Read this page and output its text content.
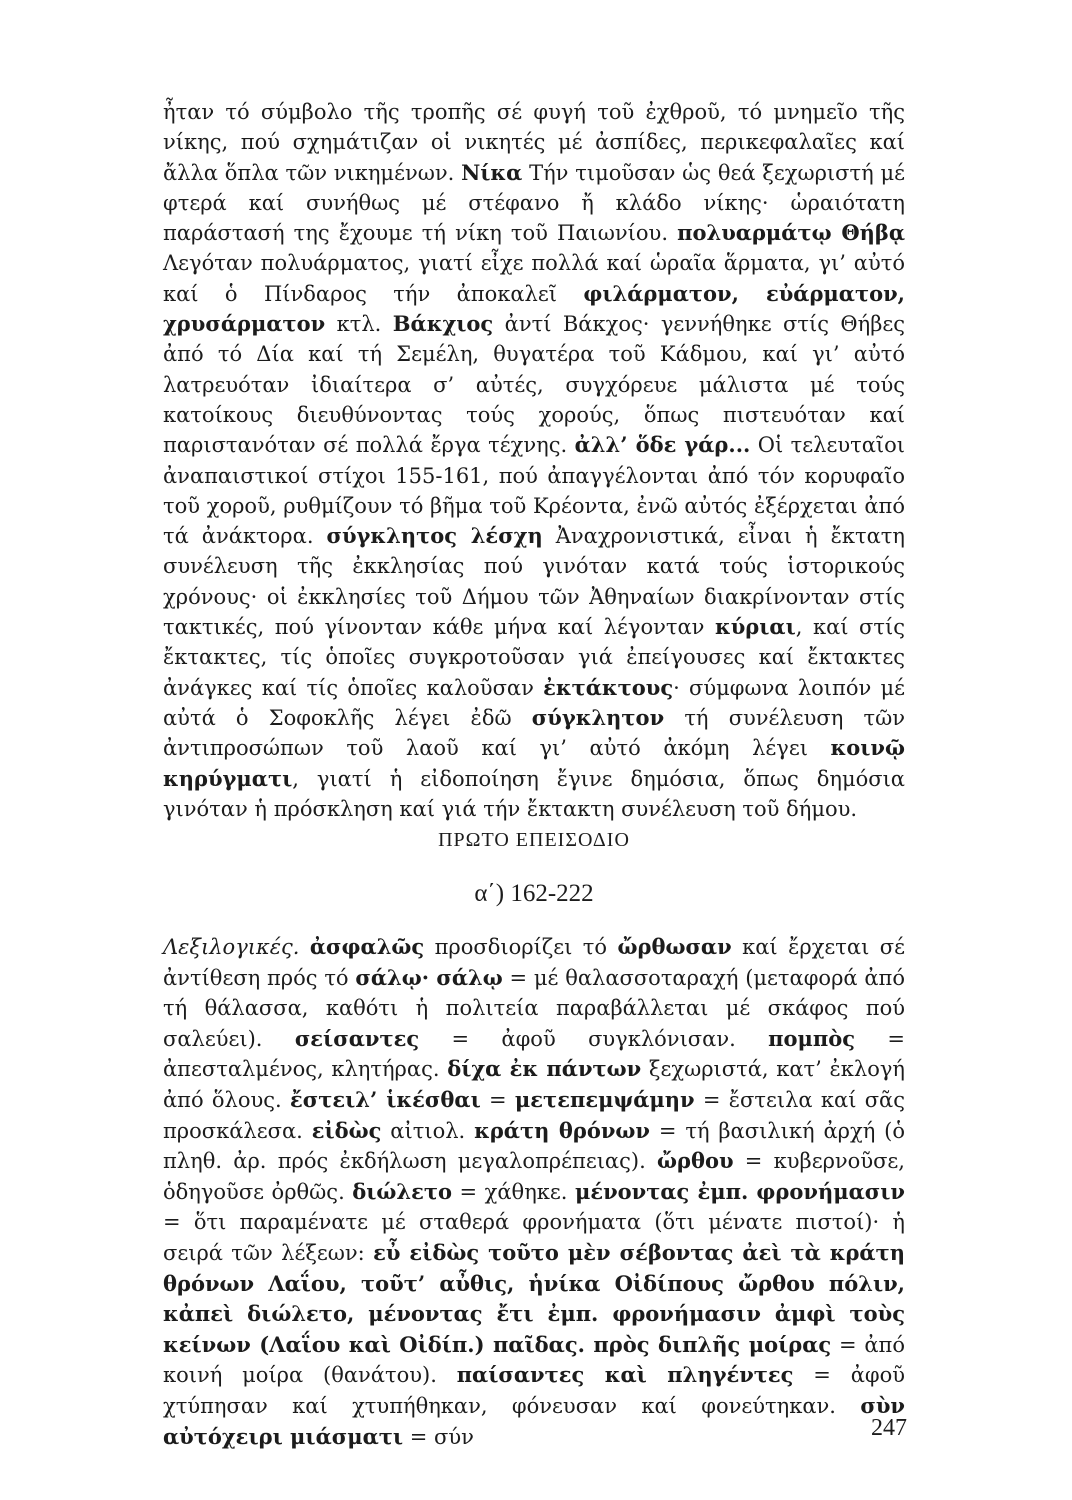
ἦταν τό σύμβολο τῆς τροπῆς σέ φυγή τοῦ ἐχθροῦ, τό μνημεῖο τῆς νίκης, πού σχημάτιζαν οἱ νικητές μέ ἀσπίδες, περικεφαλαῖες καί ἄλλα ὅπλα τῶν νικημένων. Νίκα Τήν τιμοῦσαν ὡς θεά ξεχωριστή μέ φτερά καί συνήθως μέ στέφανο ἤ κλάδο νίκης· ὡραιότατη παράστασή της ἔχουμε τή νίκη τοῦ Παιωνίου. πολυαρμάτῳ Θήβᾳ Λεγόταν πολυάρματος, γιατί εἶχε πολλά καί ὡραῖα ἅρματα, γι’ αὐτό καί ὁ Πίνδαρος τήν ἀποκαλεῖ φιλάρματον, εὐάρματον, χρυσάρματον κτλ. Βάκχιος ἀντί Βάκχος· γεννήθηκε στίς Θήβες ἀπό τό Δία καί τή Σεμέλη, θυγατέρα τοῦ Κάδμου, καί γι’ αὐτό λατρευόταν ἰδιαίτερα σ’ αὐτές, συγχόρευε μάλιστα μέ τούς κατοίκους διευθύνοντας τούς χορούς, ὅπως πιστευόταν καί παριστανόταν σέ πολλά ἔργα τέχνης. ἀλλ’ ὅδε γάρ... Οἱ τελευταῖοι ἀναπαιστικοί στίχοι 155-161, πού ἀπαγγέλονται ἀπό τόν κορυφαῖο τοῦ χοροῦ, ρυθμίζουν τό βῆμα τοῦ Κρέοντα, ἐνῶ αὐτός ἐξέρχεται ἀπό τά ἀνάκτορα. σύγκλητος λέσχη Ἀναχρονιστικά, εἶναι ἡ ἔκτατη συνέλευση τῆς ἐκκλησίας πού γινόταν κατά τούς ἱστορικούς χρόνους· οἱ ἐκκλησίες τοῦ Δήμου τῶν Ἀθηναίων διακρίνονταν στίς τακτικές, πού γίνονταν κάθε μήνα καί λέγονταν κύριαι, καί στίς ἔκτακτες, τίς ὁποῖες συγκροτοῦσαν γιά ἐπείγουσες καί ἔκτακτες ἀνάγκες καί τίς ὁποῖες καλοῦσαν ἐκτάκτους· σύμφωνα λοιπόν μέ αὐτά ὁ Σοφοκλῆς λέγει ἐδῶ σύγκλητον τή συνέλευση τῶν ἀντιπροσώπων τοῦ λαοῦ καί γι’ αὐτό ἀκόμη λέγει κοινῷ κηρύγματι, γιατί ἡ εἰδοποίηση ἔγινε δημόσια, ὅπως δημόσια γινόταν ἡ πρόσκληση καί γιά τήν ἔκτακτη συνέλευση τοῦ δήμου.

ΠΡΩΤΟ ΕΠΕΙΣΟΔΙΟ

α΄) 162-222

Λεξιλογικές. ἀσφαλῶς προσδιορίζει τό ὤρθωσαν καί ἔρχεται σέ ἀντίθεση πρός τό σάλῳ· σάλῳ = μέ θαλασσοταραχή (μεταφορά ἀπό τή θάλασσα, καθότι ἡ πολιτεία παραβάλλεται μέ σκάφος πού σαλεύει). σείσαντες = ἀφοῦ συγκλόνισαν. πομπὸς = ἀπεσταλμένος, κλητήρας. δίχα ἐκ πάντων ξεχωριστά, κατ’ ἐκλογή ἀπό ὅλους. ἔστειλ’ ἱκέσθαι = μετεπεμψάμην = ἔστειλα καί σᾶς προσκάλεσα. εἰδὼς αἰτιολ. κράτη θρόνων = τή βασιλική ἀρχή (ὁ πληθ. ἀρ. πρός ἐκδήλωση μεγαλοπρέπειας). ὤρθου = κυβερνοῦσε, ὁδηγοῦσε ὀρθῶς. διώλετο = χάθηκε. μένοντας ἐμπ. φρονήμασιν = ὅτι παραμένατε μέ σταθερά φρονήματα (ὅτι μένατε πιστοί)· ἡ σειρά τῶν λέξεων: εὖ εἰδὼς τοῦτο μὲν σέβοντας ἀεὶ τὰ κράτη θρόνων Λαΐου, τοῦτ’ αὖθις, ἡνίκα Οἰδίπους ὤρθου πόλιν, κἀπεὶ διώλετο, μένοντας ἔτι ἐμπ. φρονήμασιν ἀμφὶ τοὺς κείνων (Λαΐου καὶ Οἰδίπ.) παῖδας. πρὸς διπλῆς μοίρας = ἀπό κοινή μοίρα (θανάτου). παίσαντες καὶ πληγέντες = ἀφοῦ χτύπησαν καί χτυπήθηκαν, φόνευσαν καί φονεύτηκαν. σὺν αὐτόχειρι μιάσματι = σύν	247
